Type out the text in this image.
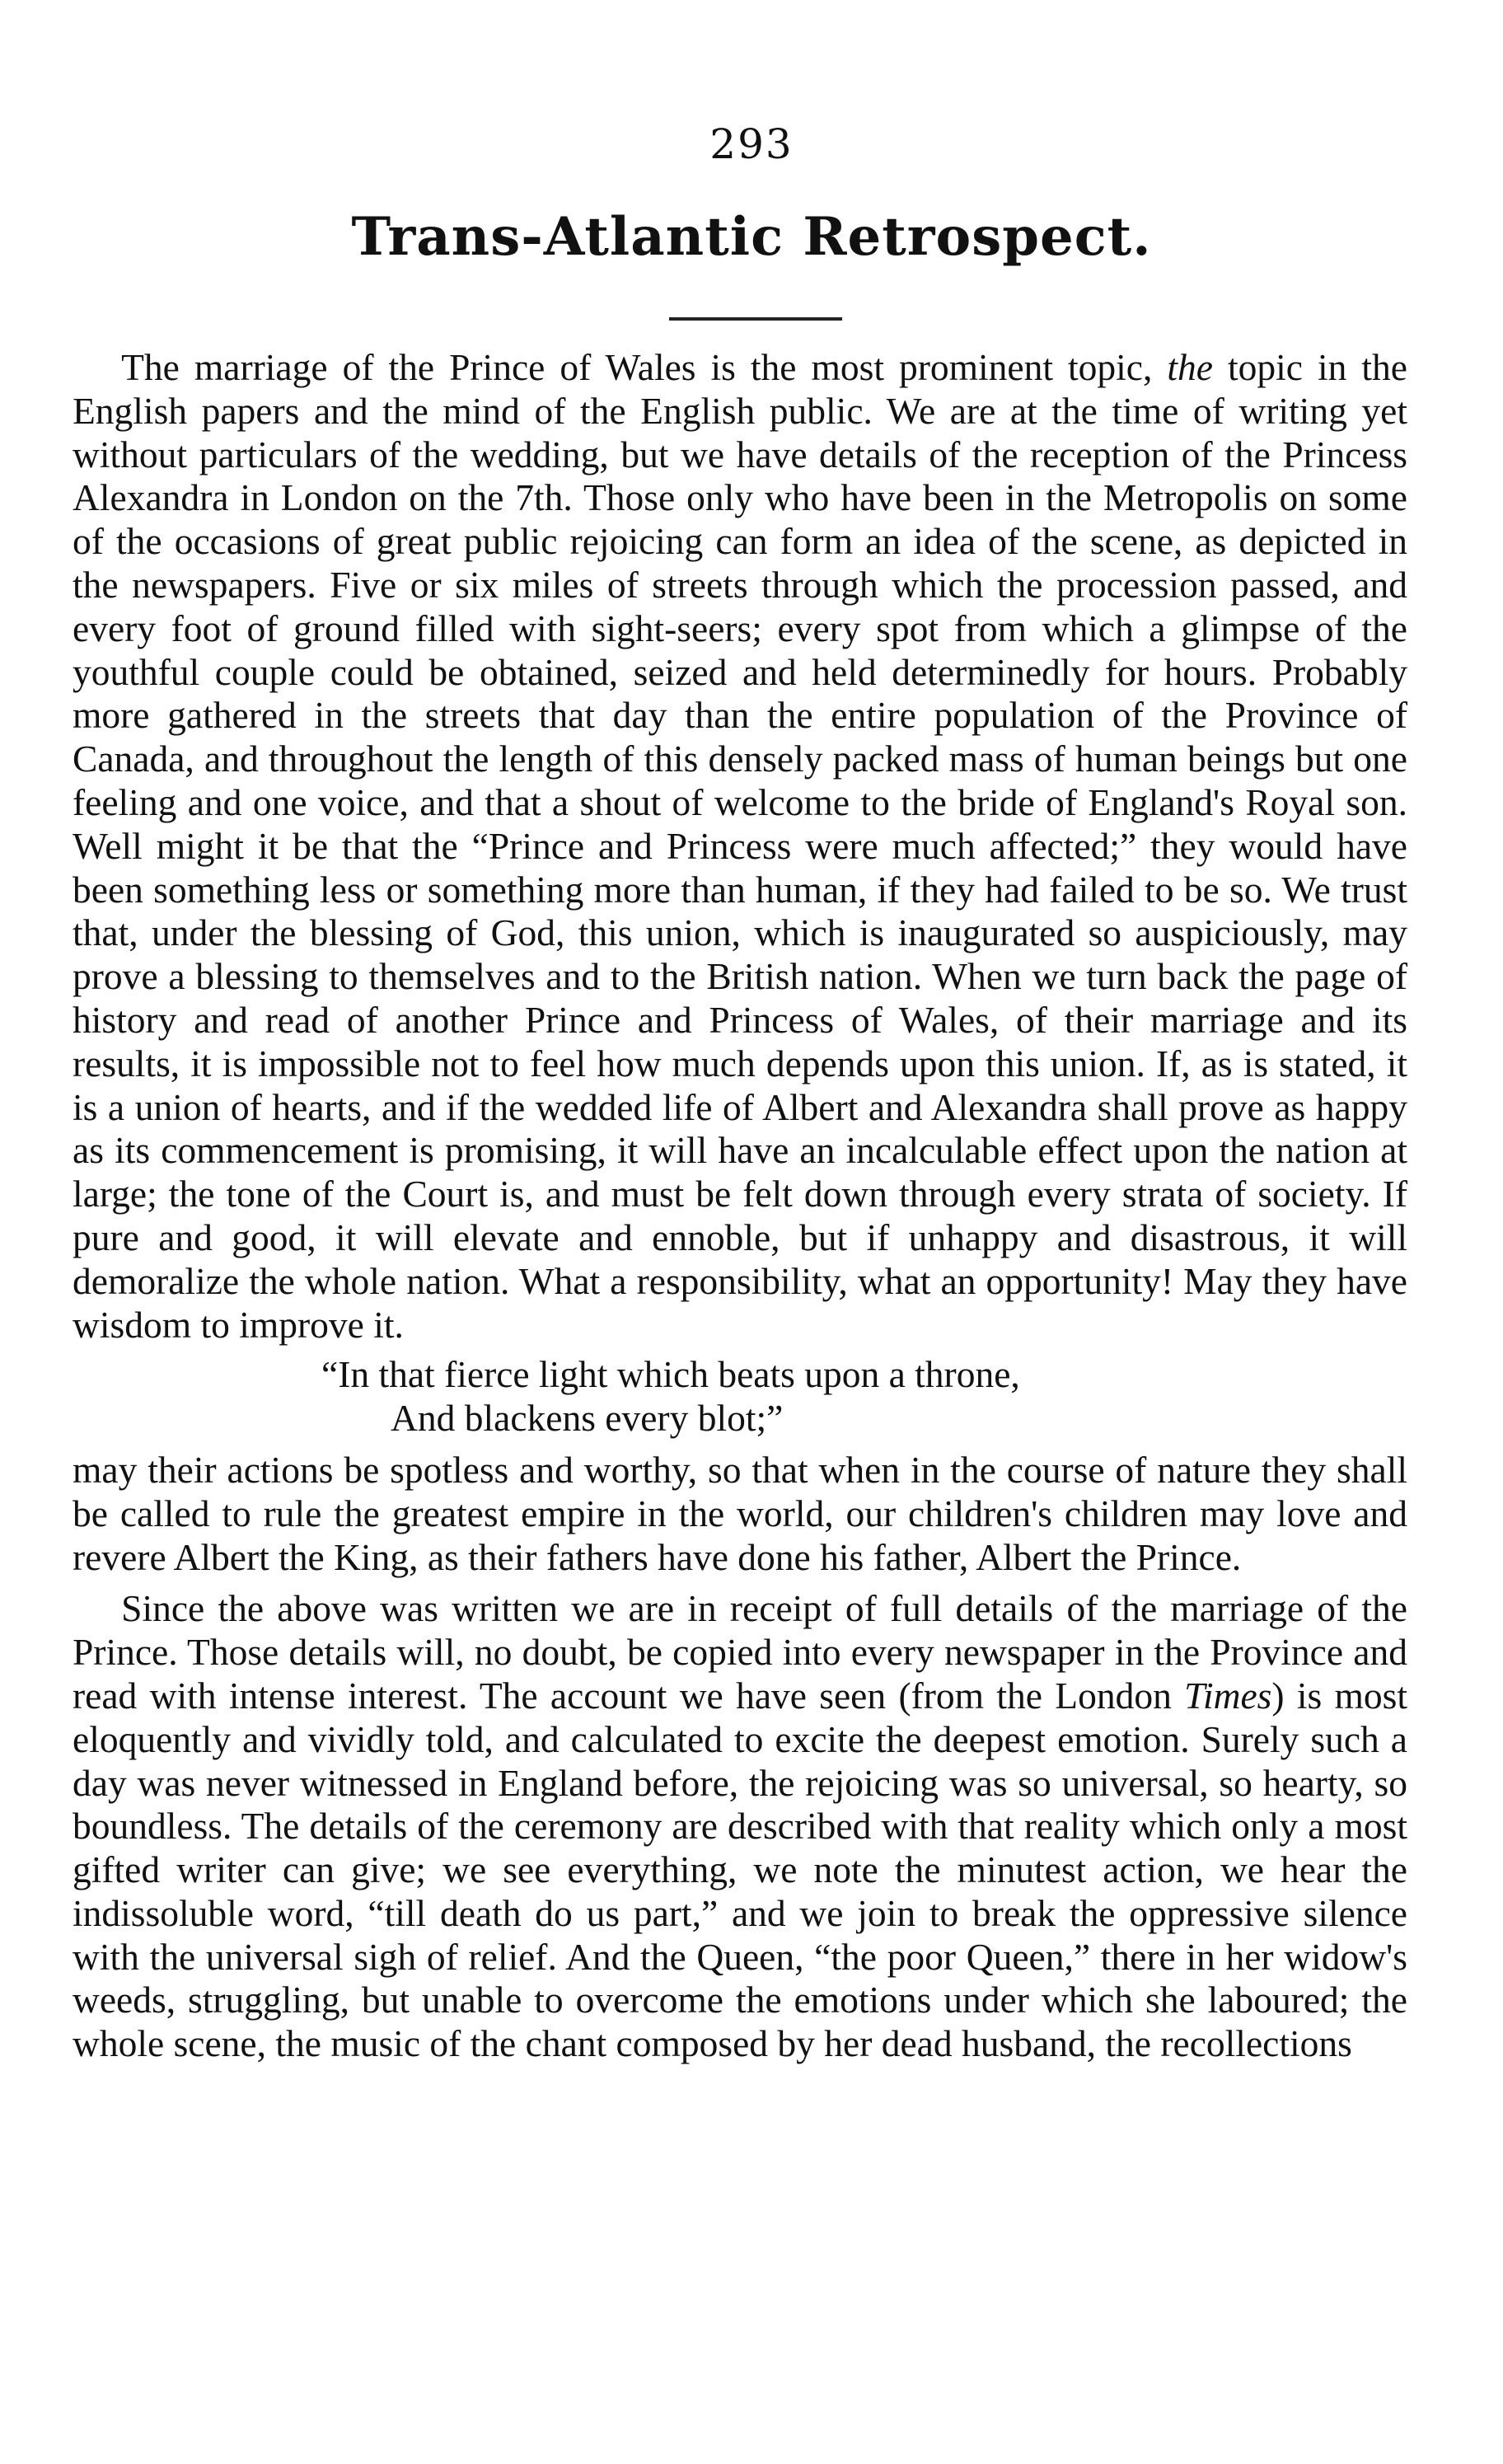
293
Trans-Atlantic Retrospect.

The marriage of the Prince of Wales is the most prominent topic, the topic in the English papers and the mind of the English public. We are at the time of writing yet without particulars of the wedding, but we have details of the reception of the Princess Alexandra in London on the 7th. Those only who have been in the Metropolis on some of the occasions of great public rejoicing can form an idea of the scene, as depicted in the newspapers. Five or six miles of streets through which the procession passed, and every foot of ground filled with sight-seers; every spot from which a glimpse of the youthful couple could be obtained, seized and held determinedly for hours. Probably more gathered in the streets that day than the entire population of the Province of Canada, and throughout the length of this densely packed mass of human beings but one feeling and one voice, and that a shout of welcome to the bride of England's Royal son. Well might it be that the “Prince and Princess were much affected;” they would have been something less or something more than human, if they had failed to be so. We trust that, under the blessing of God, this union, which is inaugurated so auspiciously, may prove a blessing to themselves and to the British nation. When we turn back the page of history and read of another Prince and Princess of Wales, of their marriage and its results, it is impossible not to feel how much depends upon this union. If, as is stated, it is a union of hearts, and if the wedded life of Albert and Alexandra shall prove as happy as its commencement is promising, it will have an incalculable effect upon the nation at large; the tone of the Court is, and must be felt down through every strata of society. If pure and good, it will elevate and ennoble, but if unhappy and disastrous, it will demoralize the whole nation. What a responsibility, what an opportunity! May they have wisdom to improve it.

“In that fierce light which beats upon a throne,
And blackens every blot;”

may their actions be spotless and worthy, so that when in the course of nature they shall be called to rule the greatest empire in the world, our children's children may love and revere Albert the King, as their fathers have done his father, Albert the Prince.

Since the above was written we are in receipt of full details of the marriage of the Prince. Those details will, no doubt, be copied into every newspaper in the Province and read with intense interest. The account we have seen (from the London Times) is most eloquently and vividly told, and calculated to excite the deepest emotion. Surely such a day was never witnessed in England before, the rejoicing was so universal, so hearty, so boundless. The details of the ceremony are described with that reality which only a most gifted writer can give; we see everything, we note the minutest action, we hear the indissoluble word, “till death do us part,” and we join to break the oppressive silence with the universal sigh of relief. And the Queen, “the poor Queen,” there in her widow's weeds, struggling, but unable to overcome the emotions under which she laboured; the whole scene, the music of the chant composed by her dead husband, the recollections
